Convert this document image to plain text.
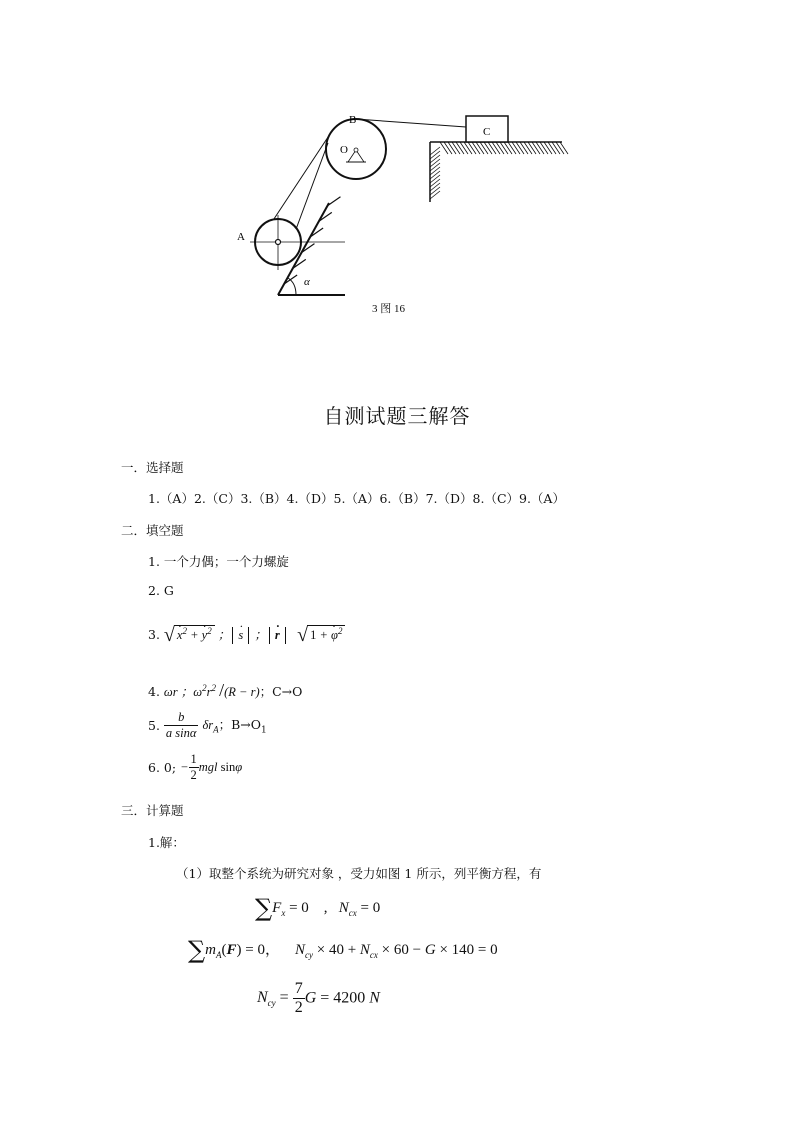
B
C
O
A
α
3 图 16
自测试题三解答
一．选择题
1.（A）2.（C）3.（B）4.（D）5.（A）6.（B）7.（D）8.（C）9.（A）
二．填空题
1. 一个力偶；一个力螺旋
2. G
3. √ x ·$^2$ + y ·$^2$ ； s · ； r · √ 1 + φ ·$^2$
4. ωr ；$\omega^2r^2$ /(R − r)；C→O
5. $\frac{b}{\text{a sinα}} \delta r_A$；$B\to O_1$
6. 0; − $\frac{1}{2}$ mgl sinφ
三．计算题
1.解：
（1）取整个系统为研究对象 ，受力如图 1 所示，列平衡方程，有
$\sum F_x = 0$ ,   $N_{cx} = 0$
$\sum m_A(F) = 0$，    $N_{cy} \times 40 + N_{cx} \times 60 - G \times 140 = 0$
$N_{cy} = \frac{7}{2}$ G = 4200 N
